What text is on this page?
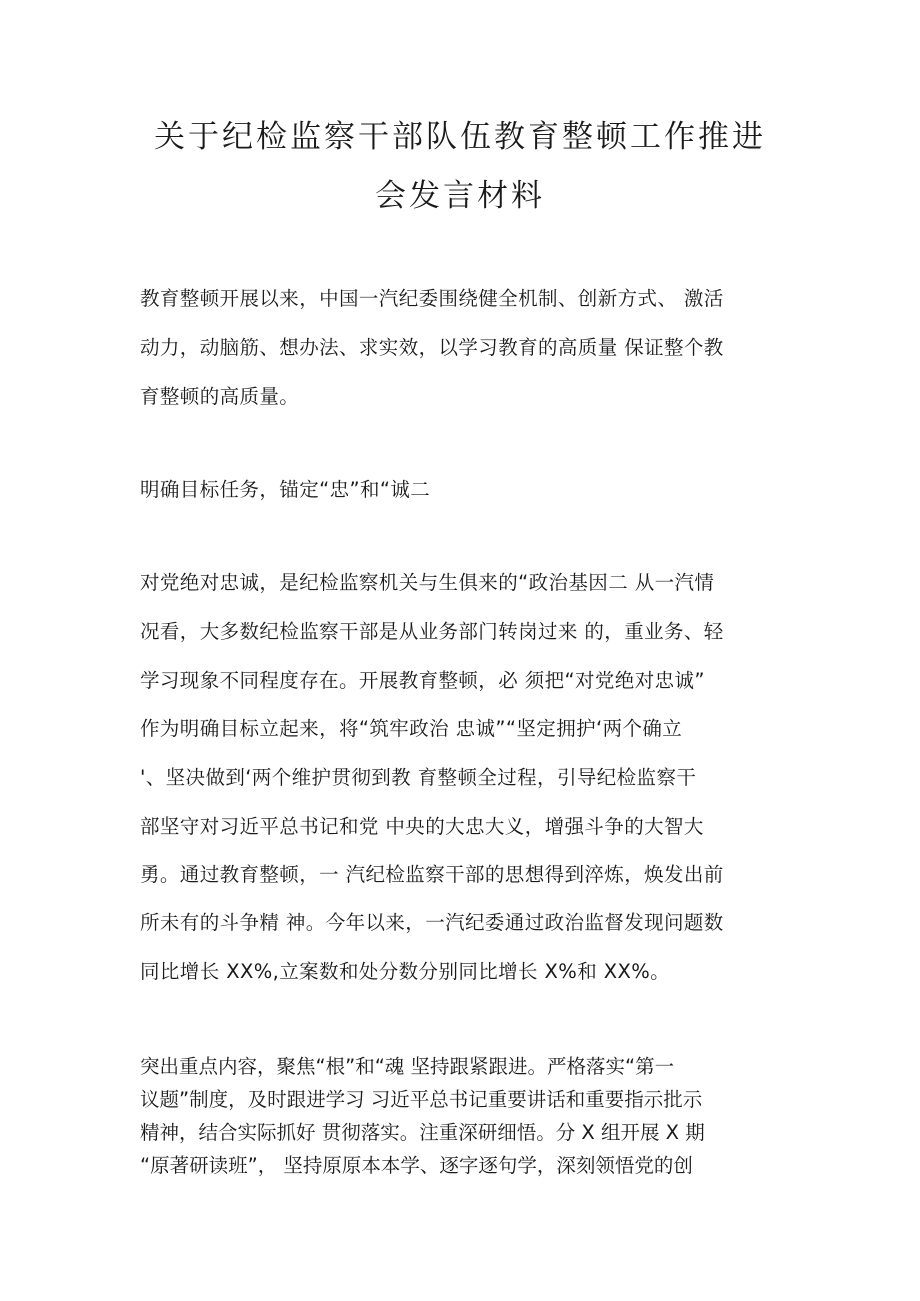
关于纪检监察干部队伍教育整顿工作推进
会发言材料
教育整顿开展以来，中国一汽纪委围绕健全机制、创新方式、 激活
动力，动脑筋、想办法、求实效，以学习教育的高质量 保证整个教
育整顿的高质量。
明确目标任务，锚定“忠”和“诚二
对党绝对忠诚，是纪检监察机关与生俱来的“政治基因二 从一汽情
况看，大多数纪检监察干部是从业务部门转岗过来 的，重业务、轻
学习现象不同程度存在。开展教育整顿，必 须把“对党绝对忠诚”
作为明确目标立起来，将“筑牢政治 忠诚”“坚定拥护‘两个确立
'、坚决做到‘两个维护贯彻到教 育整顿全过程，引导纪检监察干
部坚守对习近平总书记和党 中央的大忠大义，增强斗争的大智大
勇。通过教育整顿，一 汽纪检监察干部的思想得到淬炼，焕发出前
所未有的斗争精 神。今年以来，一汽纪委通过政治监督发现问题数
同比增长 XX%,立案数和处分数分别同比增长 X%和 XX%。
突出重点内容，聚焦“根”和“魂 坚持跟紧跟进。严格落实“第一
议题”制度，及时跟进学习 习近平总书记重要讲话和重要指示批示
精神，结合实际抓好 贯彻落实。注重深研细悟。分 X 组开展 X 期
“原著研读班”， 坚持原原本本学、逐字逐句学，深刻领悟党的创
